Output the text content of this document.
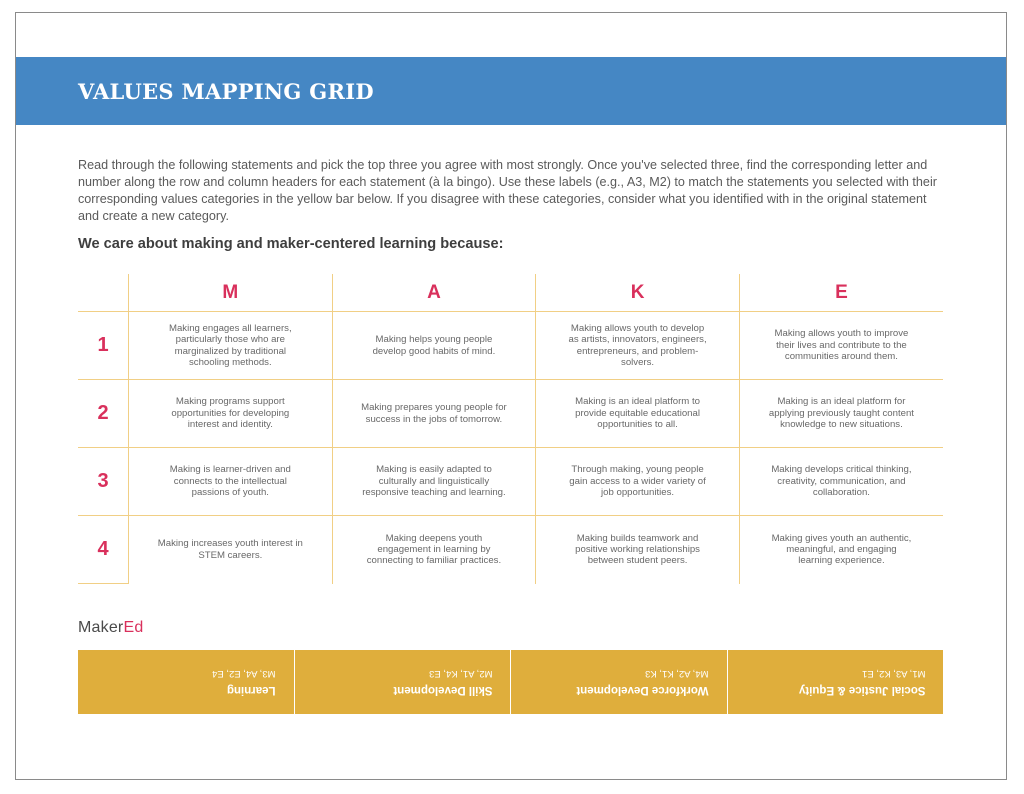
VALUES MAPPING GRID

Read through the following statements and pick the top three you agree with most strongly. Once you've selected three, find the corresponding letter and number along the row and column headers for each statement (à la bingo). Use these labels (e.g., A3, M2) to match the statements you selected with their corresponding values categories in the yellow bar below. If you disagree with these categories, consider what you identified with in the original statement and create a new category.

We care about making and maker-centered learning because:
	M	A	K	E
1	Making engages all learners, particularly those who are marginalized by traditional schooling methods.	Making helps young people develop good habits of mind.	Making allows youth to develop as artists, innovators, engineers, entrepreneurs, and problem-solvers.	Making allows youth to improve their lives and contribute to the communities around them.

2	Making programs support opportunities for developing interest and identity.	Making prepares young people for success in the jobs of tomorrow.	Making is an ideal platform to provide equitable educational opportunities to all.	Making is an ideal platform for applying previously taught content knowledge to new situations.

3	Making is learner-driven and connects to the intellectual passions of youth.	Making is easily adapted to culturally and linguistically responsive teaching and learning.	Through making, young people gain access to a wider variety of job opportunities.	Making develops critical thinking, creativity, communication, and collaboration.

4	Making increases youth interest in STEM careers.	Making deepens youth engagement in learning by connecting to familiar practices.	Making builds teamwork and positive working relationships between student peers.	Making gives youth an authentic, meaningful, and engaging learning experience.
MakerEd
Learning
M3, A4, E2, E4
Skill Development
M2, A1, K4, E3
Workforce Development
M4, A2, K1, K3
Social Justice & Equity
M1, A3, K2, E1
